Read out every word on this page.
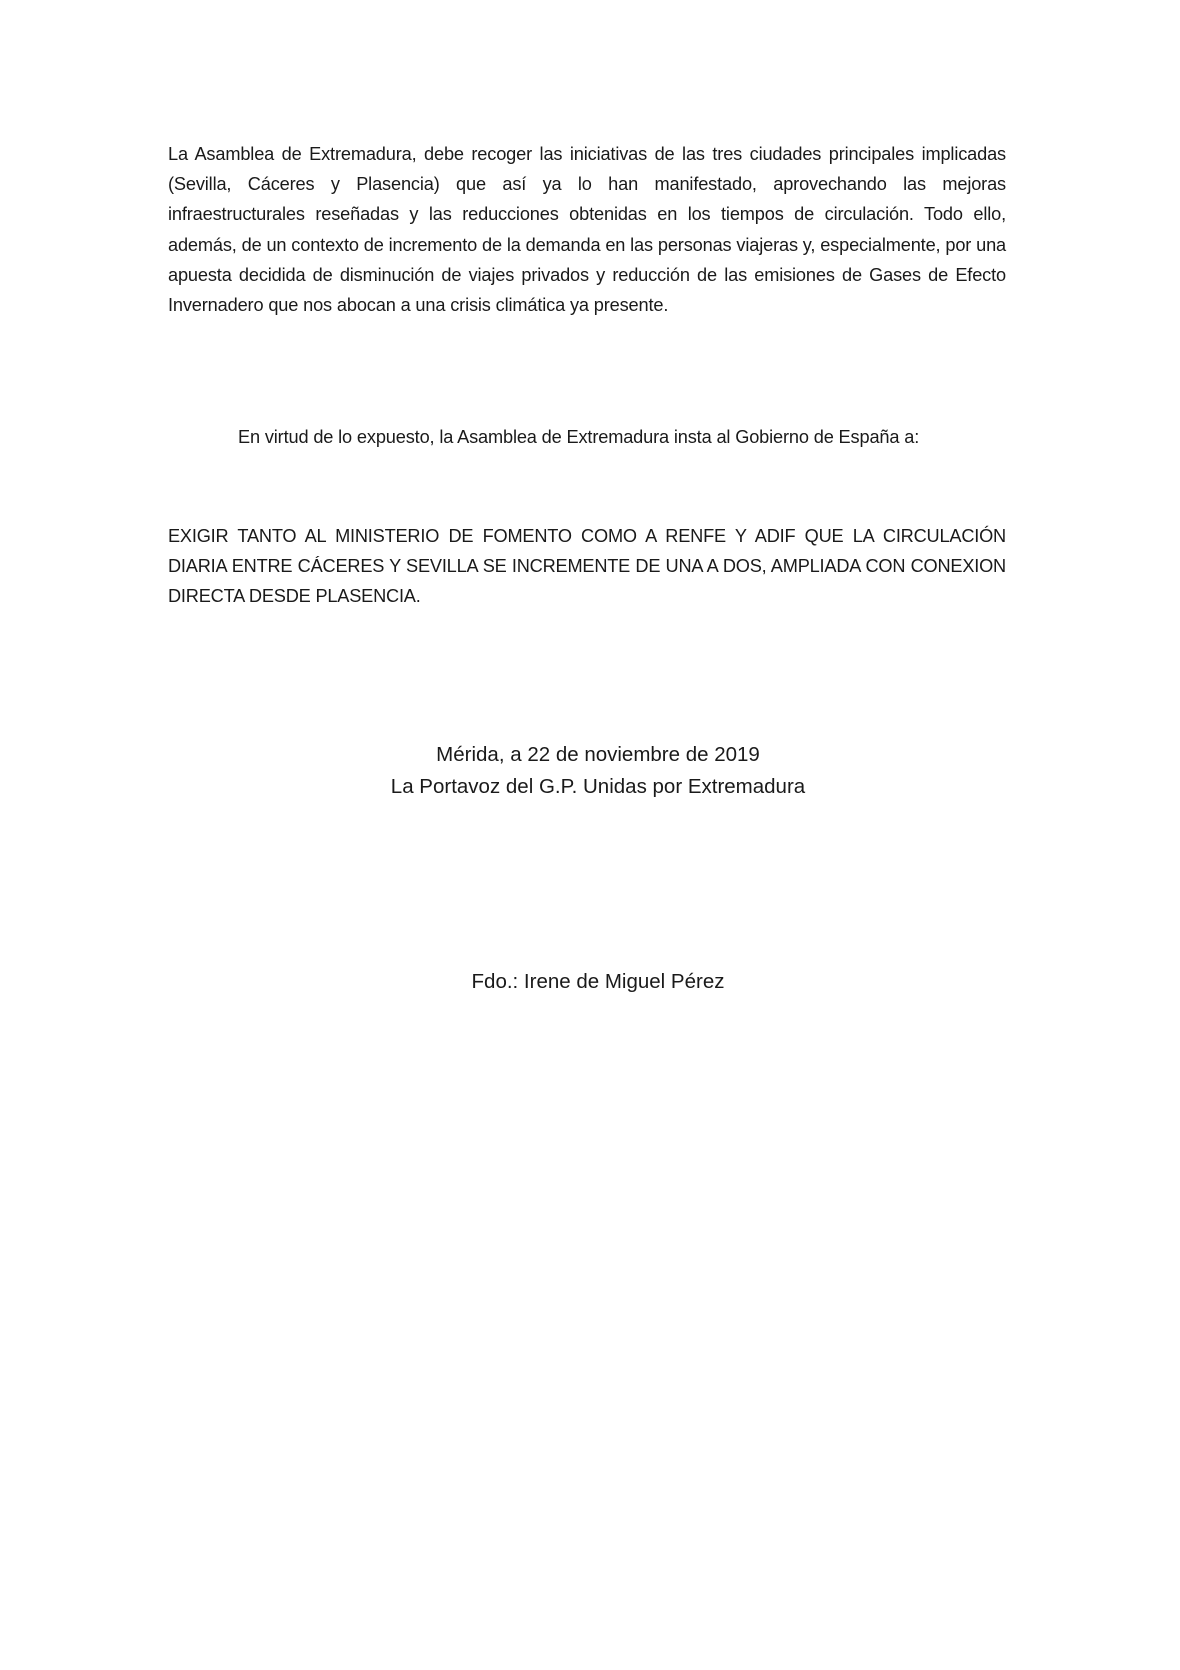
La Asamblea de Extremadura, debe recoger las iniciativas de las tres ciudades principales implicadas (Sevilla, Cáceres y Plasencia) que así ya lo han manifestado, aprovechando las mejoras infraestructurales reseñadas y las reducciones obtenidas en los tiempos de circulación. Todo ello, además, de un contexto de incremento de la demanda en las personas viajeras y, especialmente, por una apuesta decidida de disminución de viajes privados y reducción de las emisiones de Gases de Efecto Invernadero que nos abocan a una crisis climática ya presente.

En virtud de lo expuesto, la Asamblea de Extremadura insta al Gobierno de España a:

EXIGIR TANTO AL MINISTERIO DE FOMENTO COMO A RENFE Y ADIF QUE LA CIRCULACIÓN DIARIA ENTRE CÁCERES Y SEVILLA SE INCREMENTE DE UNA A DOS, AMPLIADA CON CONEXION DIRECTA DESDE PLASENCIA.

Mérida, a 22 de noviembre de 2019
La Portavoz del G.P. Unidas por Extremadura
Fdo.: Irene de Miguel Pérez
